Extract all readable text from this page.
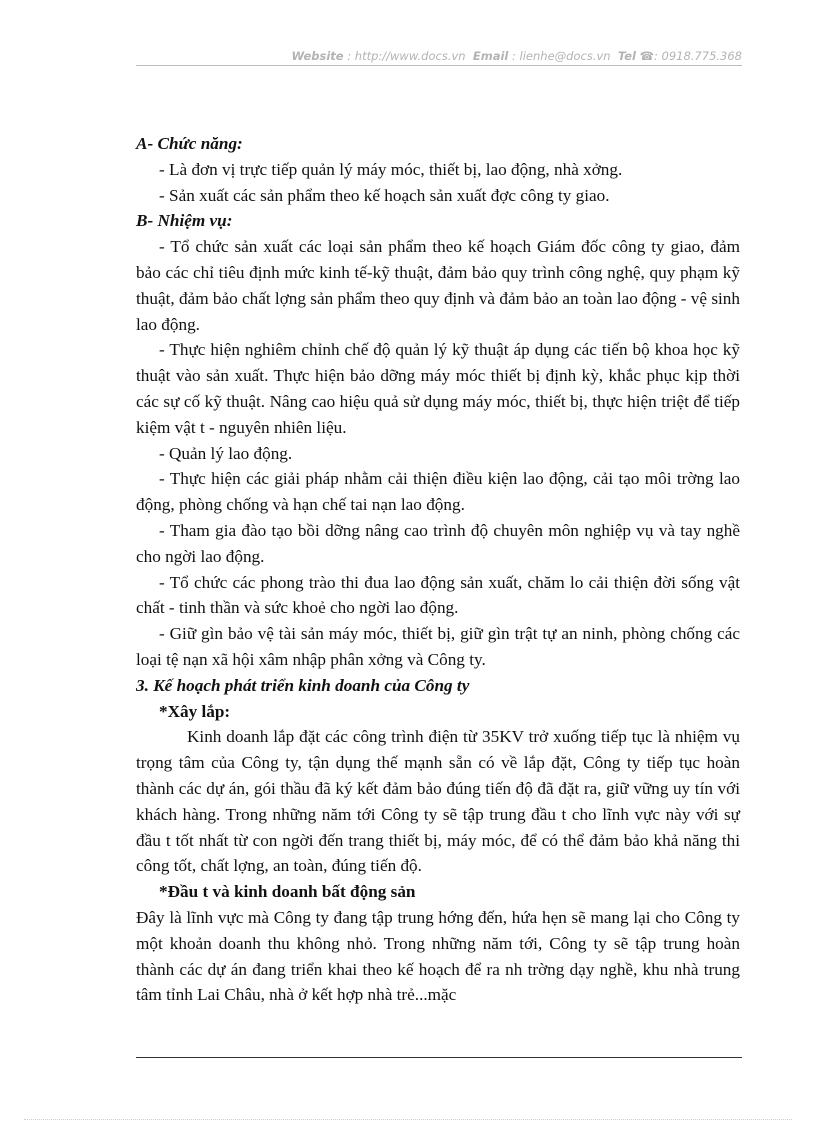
Website : http://www.docs.vn Email : lienhe@docs.vn Tel ☎: 0918.775.368

A- Chức năng:

- Là đơn vị trực tiếp quản lý máy móc, thiết bị, lao động, nhà xởng.

- Sản xuất các sản phẩm theo kế hoạch sản xuất đợc công ty giao.

B- Nhiệm vụ:

- Tổ chức sản xuất các loại sản phẩm theo kế hoạch Giám đốc công ty giao, đảm bảo các chỉ tiêu định mức kinh tế-kỹ thuật, đảm bảo quy trình công nghệ, quy phạm kỹ thuật, đảm bảo chất lợng sản phẩm theo quy định và đảm bảo an toàn lao động - vệ sinh lao động.

- Thực hiện nghiêm chỉnh chế độ quản lý kỹ thuật áp dụng các tiến bộ khoa học kỹ thuật vào sản xuất. Thực hiện bảo dỡng máy móc thiết bị định kỳ, khắc phục kịp thời các sự cố kỹ thuật. Nâng cao hiệu quả sử dụng máy móc, thiết bị, thực hiện triệt để tiếp kiệm vật t - nguyên nhiên liệu.

- Quản lý lao động.

- Thực hiện các giải pháp nhằm cải thiện điều kiện lao động, cải tạo môi trờng lao động, phòng chống và hạn chế tai nạn lao động.

- Tham gia đào tạo bồi dỡng nâng cao trình độ chuyên môn nghiệp vụ và tay nghề cho ngời lao động.

- Tổ chức các phong trào thi đua lao động sản xuất, chăm lo cải thiện đời sống vật chất - tinh thần và sức khoẻ cho ngời lao động.

- Giữ gìn bảo vệ tài sản máy móc, thiết bị, giữ gìn trật tự an ninh, phòng chống các loại tệ nạn xã hội xâm nhập phân xởng và Công ty.

3. Kế hoạch phát triển kinh doanh của Công ty

*Xây lắp:

Kinh doanh lắp đặt các công trình điện từ 35KV trở xuống tiếp tục là nhiệm vụ trọng tâm của Công ty, tận dụng thế mạnh sẵn có về lắp đặt, Công ty tiếp tục hoàn thành các dự án, gói thầu đã ký kết đảm bảo đúng tiến độ đã đặt ra, giữ vững uy tín với khách hàng. Trong những năm tới Công ty sẽ tập trung đầu t cho lĩnh vực này với sự đầu t tốt nhất từ con ngời đến trang thiết bị, máy móc, để có thể đảm bảo khả năng thi công tốt, chất lợng, an toàn, đúng tiến độ.

*Đầu t và kinh doanh bất động sản

Đây là lĩnh vực mà Công ty đang tập trung hớng đến, hứa hẹn sẽ mang lại cho Công ty một khoản doanh thu không nhỏ. Trong những năm tới, Công ty sẽ tập trung hoàn thành các dự án đang triển khai theo kế hoạch để ra nh trờng dạy nghề, khu nhà trung tâm tỉnh Lai Châu, nhà ở kết hợp nhà trẻ...mặc
